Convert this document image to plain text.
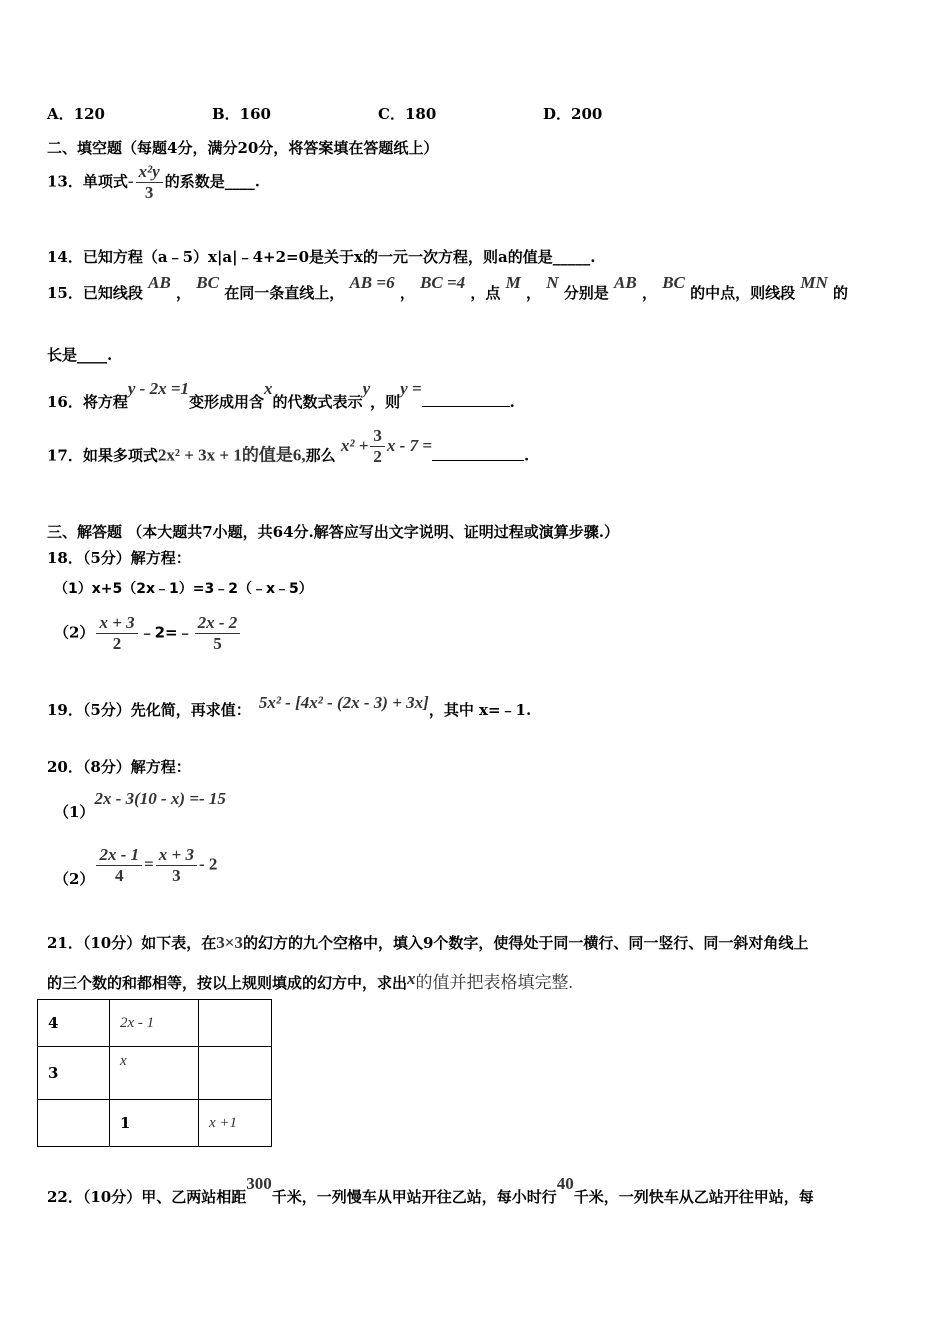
A．120	B．160	C．180	D．200
二、填空题（每题4分，满分20分，将答案填在答题纸上）
13．单项式- $\frac{\text{x²y}}{3}$ 的系数是____.
14．已知方程（a﹣5）x|a|﹣4+2=0是关于x的一元一次方程，则a的值是_____.
15．已知线段 AB ， BC 在同一条直线上， AB =6 ， BC =4 ，点 M ， N 分别是 AB ， BC 的中点，则线段 MN 的
长是____.
16．将方程y - 2x =1变形成用含x的代数式表示y，则y =.
17．如果多项式2x² + 3x + 1的值是6,那么 $x^2 + \frac{3}{2}$ x - 7 =.
三、解答题 （本大题共7小题，共64分.解答应写出文字说明、证明过程或演算步骤.）
18．（5分）解方程：
（1）x+5（2x﹣1）=3﹣2（﹣x﹣5）
$(2) \frac{x + 3}{2}$ ﹣2=﹣ $\frac{2x - 2}{5}$
19．（5分）先化简，再求值： 5x² - [4x² - (2x - 3) + 3x]，其中 x=﹣1.
20．（8分）解方程：
（1）2x - 3(10 - x) =- 15
$(2) \frac{2x - 1}{4} = \frac{x + 3}{3} - 2$
21．（10分）如下表，在3×3的幻方的九个空格中，填入9个数字，使得处于同一横行、同一竖行、同一斜对角线上
的三个数的和都相等，按以上规则填成的幻方中，求出x的值并把表格填完整.
4	2x - 1	
3	x	
	1	x +1
22．（10分）甲、乙两站相距300千米，一列慢车从甲站开往乙站，每小时行40千米，一列快车从乙站开往甲站，每
